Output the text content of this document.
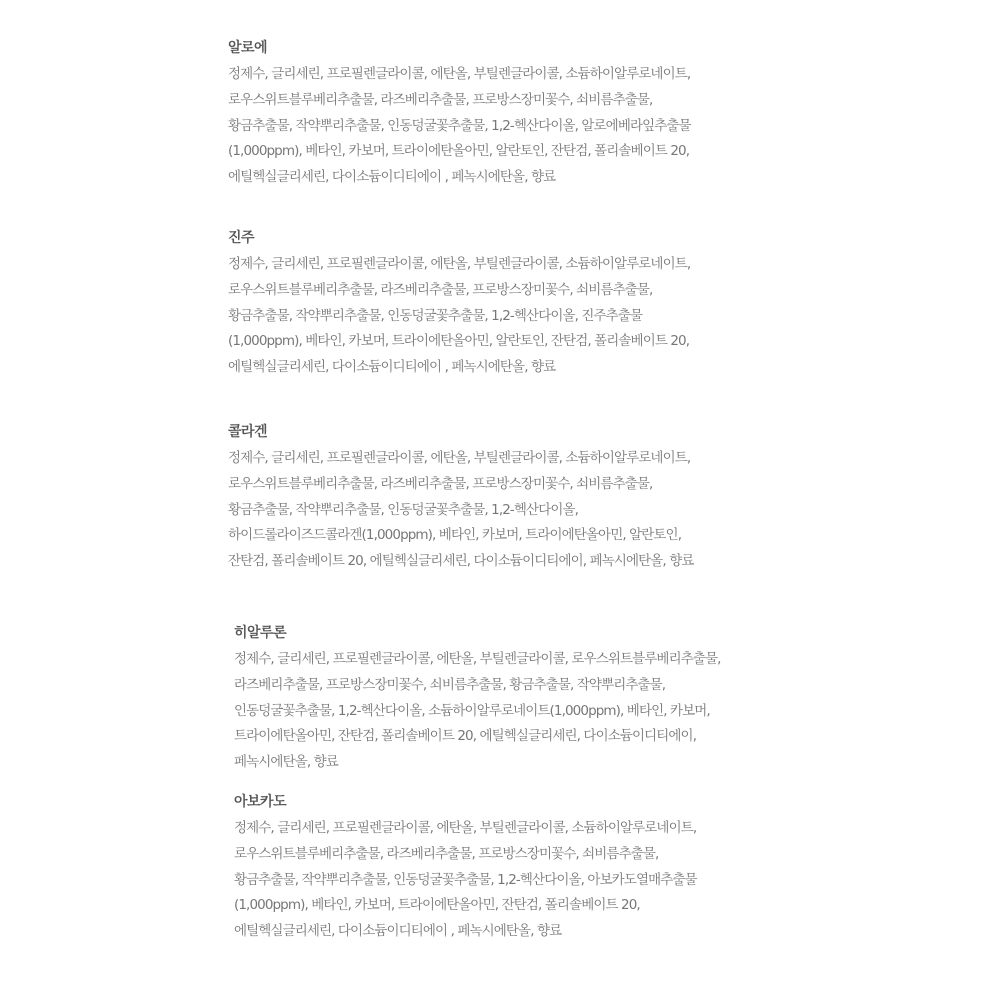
알로에

정제수, 글리세린, 프로필렌글라이콜, 에탄올, 부틸렌글라이콜, 소듐하이알루로네이트,

로우스위트블루베리추출물, 라즈베리추출물, 프로방스장미꽃수, 쇠비름추출물,

황금추출물, 작약뿌리추출물, 인동덩굴꽃추출물, 1,2-헥산다이올, 알로에베라잎추출물

(1,000ppm), 베타인, 카보머, 트라이에탄올아민, 알란토인, 잔탄검, 폴리솔베이트 20,

에틸헥실글리세린, 다이소듐이디티에이 , 페녹시에탄올, 향료

진주

정제수, 글리세린, 프로필렌글라이콜, 에탄올, 부틸렌글라이콜, 소듐하이알루로네이트,

로우스위트블루베리추출물, 라즈베리추출물, 프로방스장미꽃수, 쇠비름추출물,

황금추출물, 작약뿌리추출물, 인동덩굴꽃추출물, 1,2-헥산다이올, 진주추출물

(1,000ppm), 베타인, 카보머, 트라이에탄올아민, 알란토인, 잔탄검, 폴리솔베이트 20,

에틸헥실글리세린, 다이소듐이디티에이 , 페녹시에탄올, 향료

콜라겐

정제수, 글리세린, 프로필렌글라이콜, 에탄올, 부틸렌글라이콜, 소듐하이알루로네이트,

로우스위트블루베리추출물, 라즈베리추출물, 프로방스장미꽃수, 쇠비름추출물,

황금추출물, 작약뿌리추출물, 인동덩굴꽃추출물, 1,2-헥산다이올,

하이드롤라이즈드콜라겐(1,000ppm), 베타인, 카보머, 트라이에탄올아민, 알란토인,

잔탄검, 폴리솔베이트 20, 에틸헥실글리세린, 다이소듐이디티에이, 페녹시에탄올, 향료

히알루론

정제수, 글리세린, 프로필렌글라이콜, 에탄올, 부틸렌글라이콜, 로우스위트블루베리추출물,

라즈베리추출물, 프로방스장미꽃수, 쇠비름추출물, 황금추출물, 작약뿌리추출물,

인동덩굴꽃추출물, 1,2-헥산다이올, 소듐하이알루로네이트(1,000ppm), 베타인, 카보머,

트라이에탄올아민, 잔탄검, 폴리솔베이트 20, 에틸헥실글리세린, 다이소듐이디티에이,

페녹시에탄올, 향료

아보카도

정제수, 글리세린, 프로필렌글라이콜, 에탄올, 부틸렌글라이콜, 소듐하이알루로네이트,

로우스위트블루베리추출물, 라즈베리추출물, 프로방스장미꽃수, 쇠비름추출물,

황금추출물, 작약뿌리추출물, 인동덩굴꽃추출물, 1,2-헥산다이올, 아보카도열매추출물

(1,000ppm), 베타인, 카보머, 트라이에탄올아민, 잔탄검, 폴리솔베이트 20,

에틸헥실글리세린, 다이소듐이디티에이 , 페녹시에탄올, 향료
